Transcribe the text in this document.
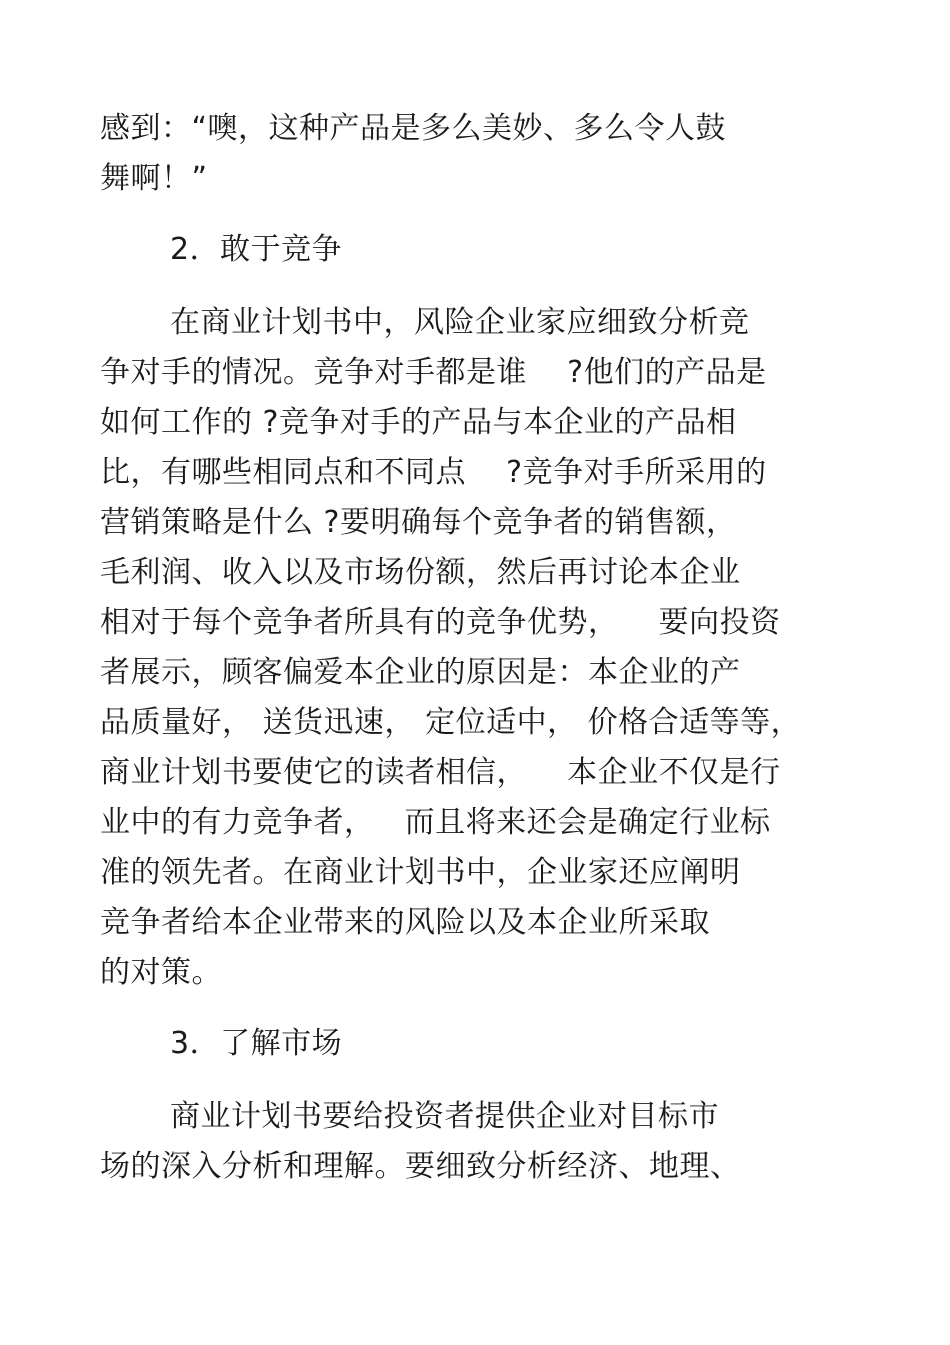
感到：“噢，这种产品是多么美妙、多么令人鼓
舞啊！”
2．敢于竞争
在商业计划书中，风险企业家应细致分析竞
争对手的情况。竞争对手都是谁    ?他们的产品是
如何工作的 ?竞争对手的产品与本企业的产品相
比，有哪些相同点和不同点    ?竞争对手所采用的
营销策略是什么 ?要明确每个竞争者的销售额，
毛利润、收入以及市场份额，然后再讨论本企业
相对于每个竞争者所具有的竞争优势，    要向投资
者展示，顾客偏爱本企业的原因是：本企业的产
品质量好， 送货迅速， 定位适中， 价格合适等等，
商业计划书要使它的读者相信，    本企业不仅是行
业中的有力竞争者，   而且将来还会是确定行业标
准的领先者。在商业计划书中，企业家还应阐明
竞争者给本企业带来的风险以及本企业所采取
的对策。
3．了解市场
商业计划书要给投资者提供企业对目标市
场的深入分析和理解。要细致分析经济、地理、
